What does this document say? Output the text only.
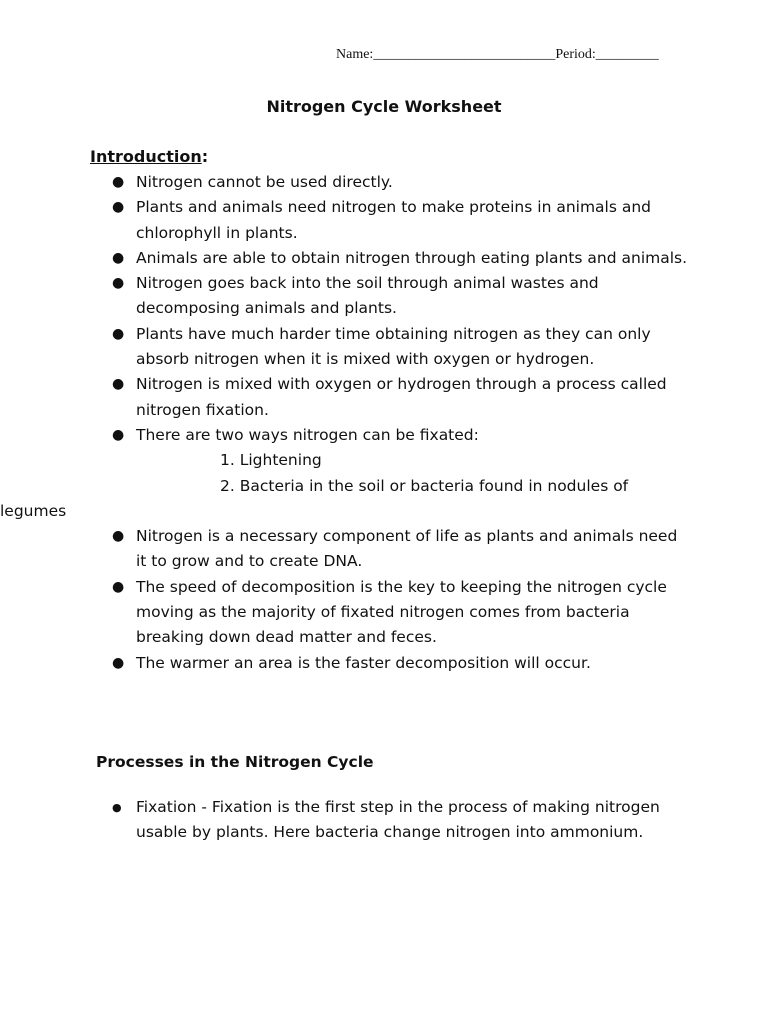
Name:__________________________Period:_________
Nitrogen Cycle Worksheet
Introduction:
● Nitrogen cannot be used directly.
● Plants and animals need nitrogen to make proteins in animals and chlorophyll in plants.
● Animals are able to obtain nitrogen through eating plants and animals.
● Nitrogen goes back into the soil through animal wastes and decomposing animals and plants.
● Plants have much harder time obtaining nitrogen as they can only absorb nitrogen when it is mixed with oxygen or hydrogen.
● Nitrogen is mixed with oxygen or hydrogen through a process called nitrogen fixation.
● There are two ways nitrogen can be fixated:
1. Lightening
2. Bacteria in the soil or bacteria found in nodules of
legumes
● Nitrogen is a necessary component of life as plants and animals need it to grow and to create DNA.
● The speed of decomposition is the key to keeping the nitrogen cycle moving as the majority of fixated nitrogen comes from bacteria breaking down dead matter and feces.
● The warmer an area is the faster decomposition will occur.
Processes in the Nitrogen Cycle
● Fixation - Fixation is the first step in the process of making nitrogen usable by plants. Here bacteria change nitrogen into ammonium.
